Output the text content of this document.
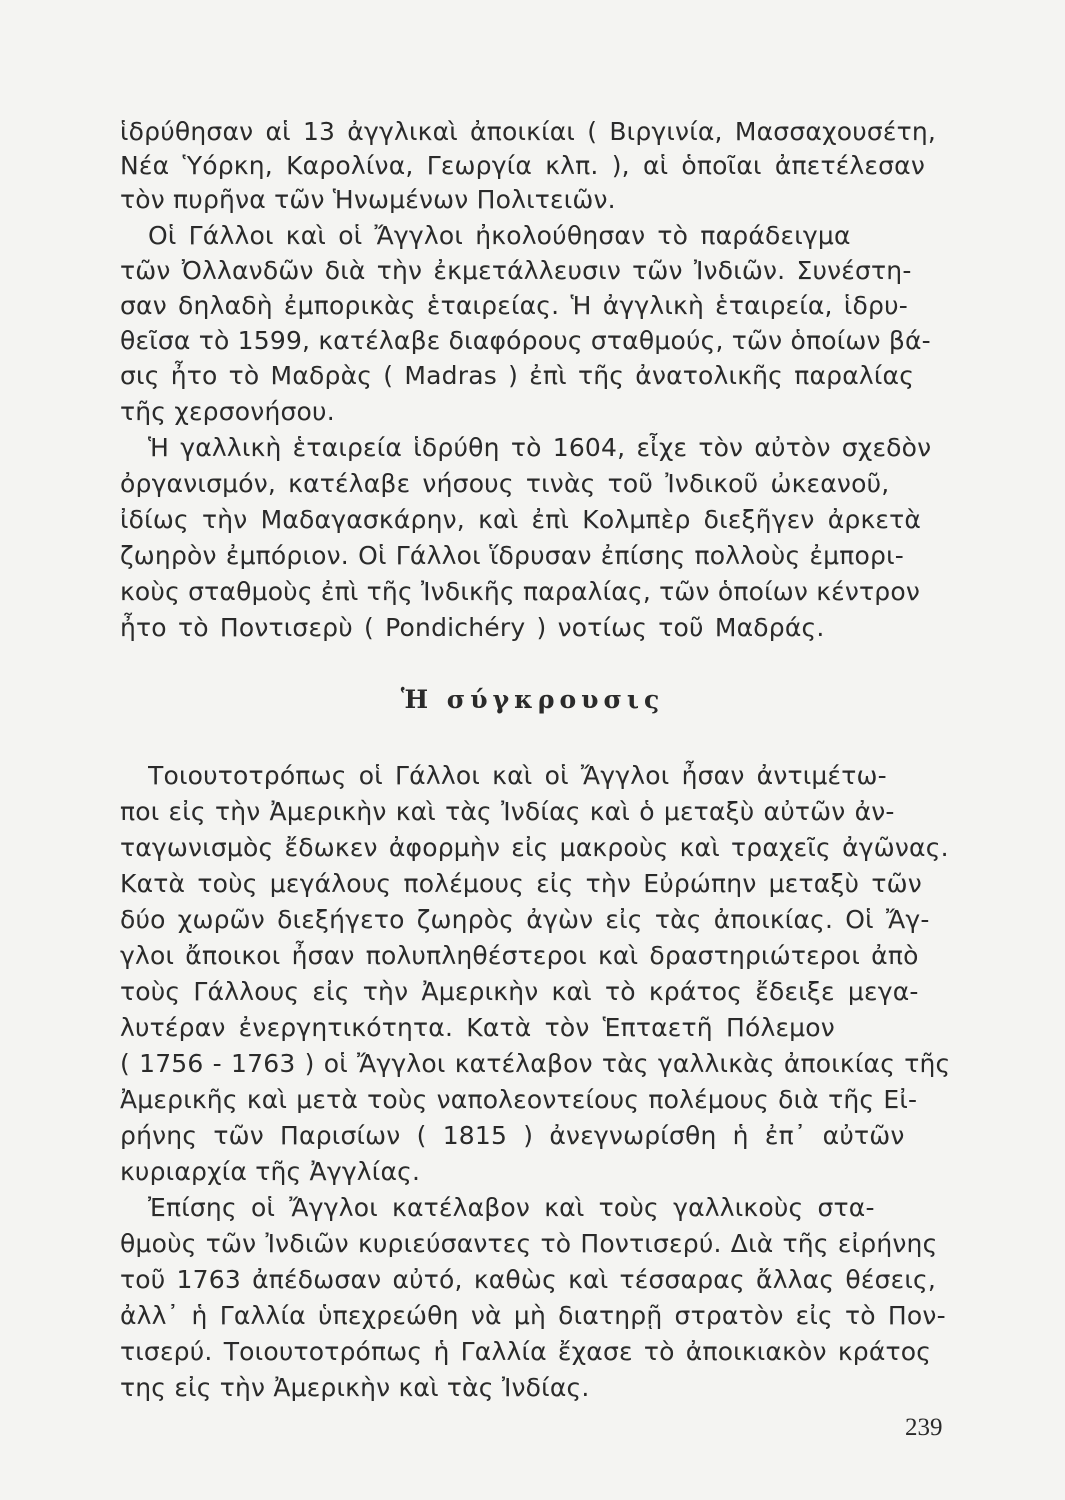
ἱδρύθησαν αἱ 13 ἀγγλικαὶ ἀποικίαι ( Βιργινία, Μασσαχουσέτη,
Νέα Ὑόρκη, Καρολίνα, Γεωργία κλπ. ), αἱ ὁποῖαι ἀπετέλεσαν
τὸν πυρῆνα τῶν Ἡνωμένων Πολιτειῶν.
Οἱ Γάλλοι καὶ οἱ Ἄγγλοι ἠκολούθησαν τὸ παράδειγμα
τῶν Ὀλλανδῶν διὰ τὴν ἐκμετάλλευσιν τῶν Ἰνδιῶν. Συνέστη-
σαν δηλαδὴ ἐμπορικὰς ἑταιρείας. Ἡ ἀγγλικὴ ἑταιρεία, ἱδρυ-
θεῖσα τὸ 1599, κατέλαβε διαφόρους σταθμούς, τῶν ὁποίων βά-
σις ἦτο τὸ Μαδρὰς ( Madras ) ἐπὶ τῆς ἀνατολικῆς παραλίας
τῆς χερσονήσου.
Ἡ γαλλικὴ ἑταιρεία ἱδρύθη τὸ 1604, εἶχε τὸν αὐτὸν σχεδὸν
ὀργανισμόν, κατέλαβε νήσους τινὰς τοῦ Ἰνδικοῦ ὠκεανοῦ,
ἰδίως τὴν Μαδαγασκάρην, καὶ ἐπὶ Κολμπὲρ διεξῆγεν ἀρκετὰ
ζωηρὸν ἐμπόριον. Οἱ Γάλλοι ἵδρυσαν ἐπίσης πολλοὺς ἐμπορι-
κοὺς σταθμοὺς ἐπὶ τῆς Ἰνδικῆς παραλίας, τῶν ὁποίων κέντρον
ἦτο τὸ Ποντισερὺ ( Pondichéry ) νοτίως τοῦ Μαδράς.
Ἡ σύγκρουσις
Τοιουτοτρόπως οἱ Γάλλοι καὶ οἱ Ἄγγλοι ἦσαν ἀντιμέτω-
ποι εἰς τὴν Ἀμερικὴν καὶ τὰς Ἰνδίας καὶ ὁ μεταξὺ αὐτῶν ἀν-
ταγωνισμὸς ἔδωκεν ἀφορμὴν εἰς μακροὺς καὶ τραχεῖς ἀγῶνας.
Κατὰ τοὺς μεγάλους πολέμους εἰς τὴν Εὐρώπην μεταξὺ τῶν
δύο χωρῶν διεξήγετο ζωηρὸς ἀγὼν εἰς τὰς ἀποικίας. Οἱ Ἄγ-
γλοι ἄποικοι ἦσαν πολυπληθέστεροι καὶ δραστηριώτεροι ἀπὸ
τοὺς Γάλλους εἰς τὴν Ἀμερικὴν καὶ τὸ κράτος ἔδειξε μεγα-
λυτέραν ἐνεργητικότητα. Κατὰ τὸν Ἑπταετῆ Πόλεμον
( 1756 - 1763 ) οἱ Ἄγγλοι κατέλαβον τὰς γαλλικὰς ἀποικίας τῆς
Ἀμερικῆς καὶ μετὰ τοὺς ναπολεοντείους πολέμους διὰ τῆς Εἰ-
ρήνης τῶν Παρισίων ( 1815 ) ἀνεγνωρίσθη ἡ ἐπ᾿ αὐτῶν
κυριαρχία τῆς Ἀγγλίας.
Ἐπίσης οἱ Ἄγγλοι κατέλαβον καὶ τοὺς γαλλικοὺς στα-
θμοὺς τῶν Ἰνδιῶν κυριεύσαντες τὸ Ποντισερύ. Διὰ τῆς εἰρήνης
τοῦ 1763 ἀπέδωσαν αὐτό, καθὼς καὶ τέσσαρας ἄλλας θέσεις,
ἀλλ᾿ ἡ Γαλλία ὑπεχρεώθη νὰ μὴ διατηρῇ στρατὸν εἰς τὸ Πον-
τισερύ. Τοιουτοτρόπως ἡ Γαλλία ἔχασε τὸ ἀποικιακὸν κράτος
της εἰς τὴν Ἀμερικὴν καὶ τὰς Ἰνδίας.
239
